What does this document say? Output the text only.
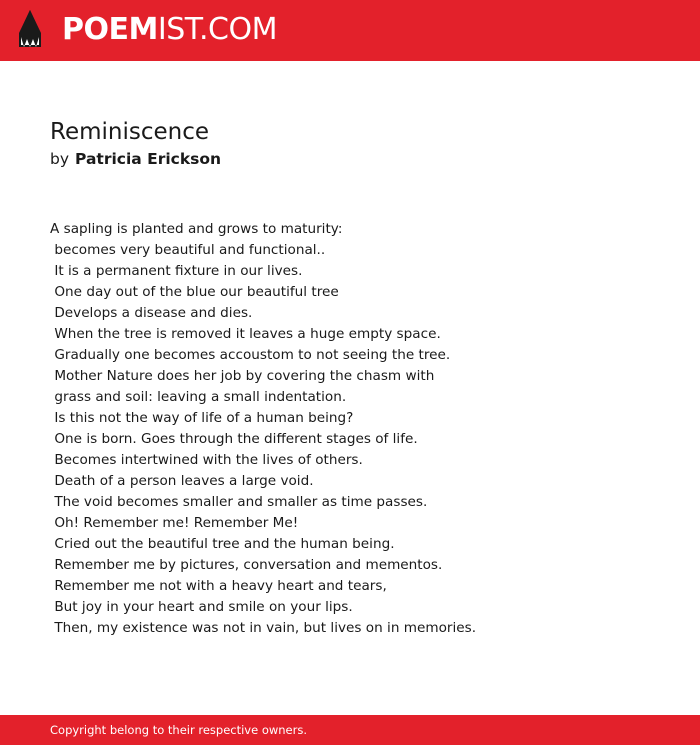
POEMIST.COM
Reminiscence
by Patricia Erickson
A sapling is planted and grows to maturity:
becomes very beautiful and functional..
It is a permanent fixture in our lives.
One day out of the blue our beautiful tree
Develops a disease and dies.
When the tree is removed it leaves a huge empty space.
Gradually one becomes accoustom to not seeing the tree.
Mother Nature does her job by covering the chasm with
grass and soil: leaving a small indentation.
Is this not the way of life of a human being?
One is born. Goes through the different stages of life.
Becomes intertwined with the lives of others.
Death of a person leaves a large void.
The void becomes smaller and smaller as time passes.
Oh! Remember me! Remember Me!
Cried out the beautiful tree and the human being.
Remember me by pictures, conversation and mementos.
Remember me not with a heavy heart and tears,
But joy in your heart and smile on your lips.
Then, my existence was not in vain, but lives on in memories.
Copyright belong to their respective owners.
